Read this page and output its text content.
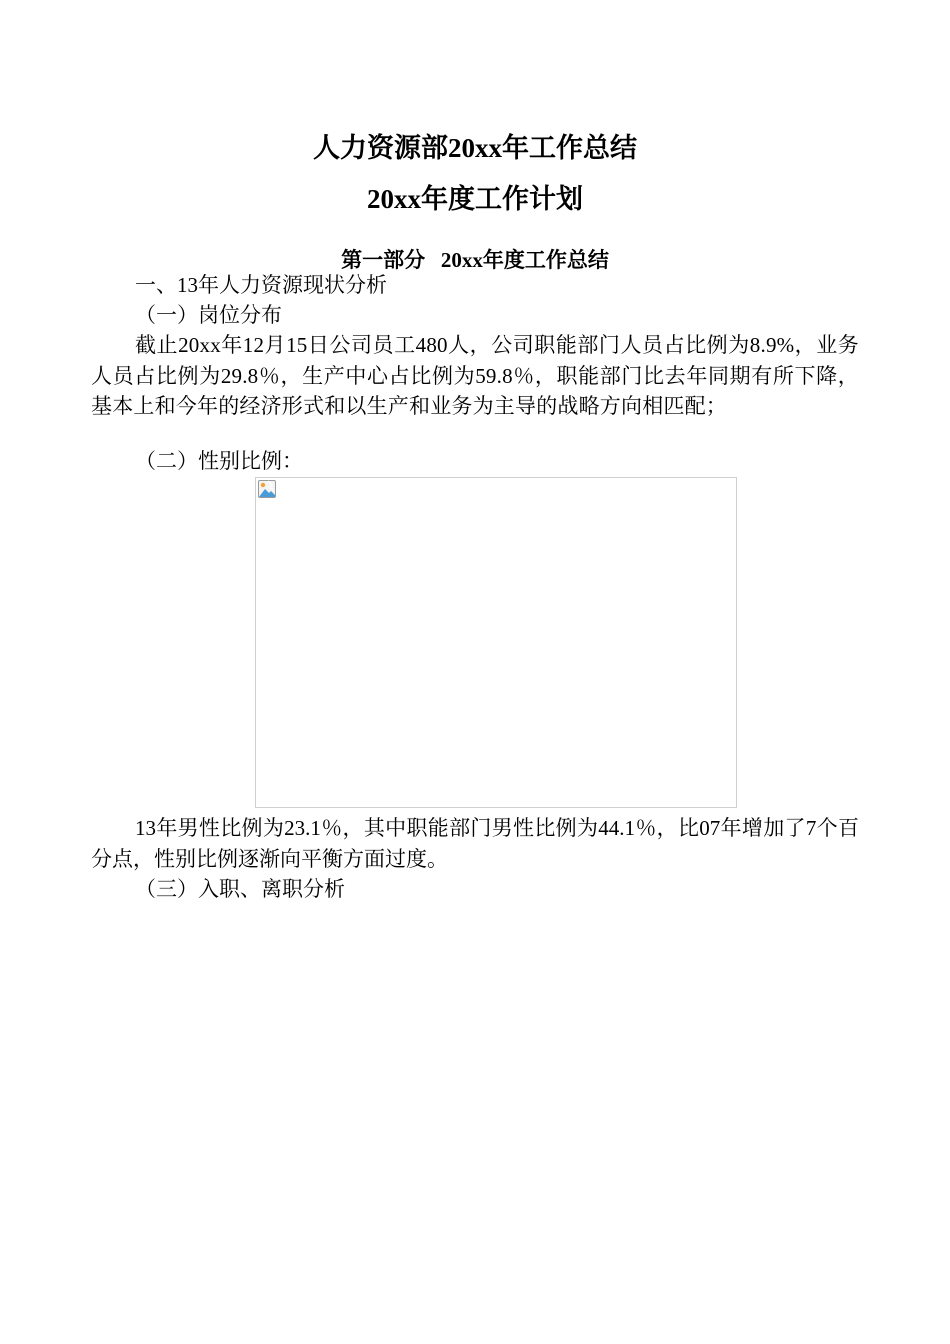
人力资源部20xx年工作总结
20xx年度工作计划
第一部分   20xx年度工作总结

一、13年人力资源现状分析

（一）岗位分布

截止20xx年12月15日公司员工480人，公司职能部门人员占比例为8.9%，业务人员占比例为29.8％，生产中心占比例为59.8％，职能部门比去年同期有所下降，基本上和今年的经济形式和以生产和业务为主导的战略方向相匹配；

（二）性别比例：

13年男性比例为23.1％，其中职能部门男性比例为44.1％，比07年增加了7个百分点，性别比例逐渐向平衡方面过度。

（三）入职、离职分析
